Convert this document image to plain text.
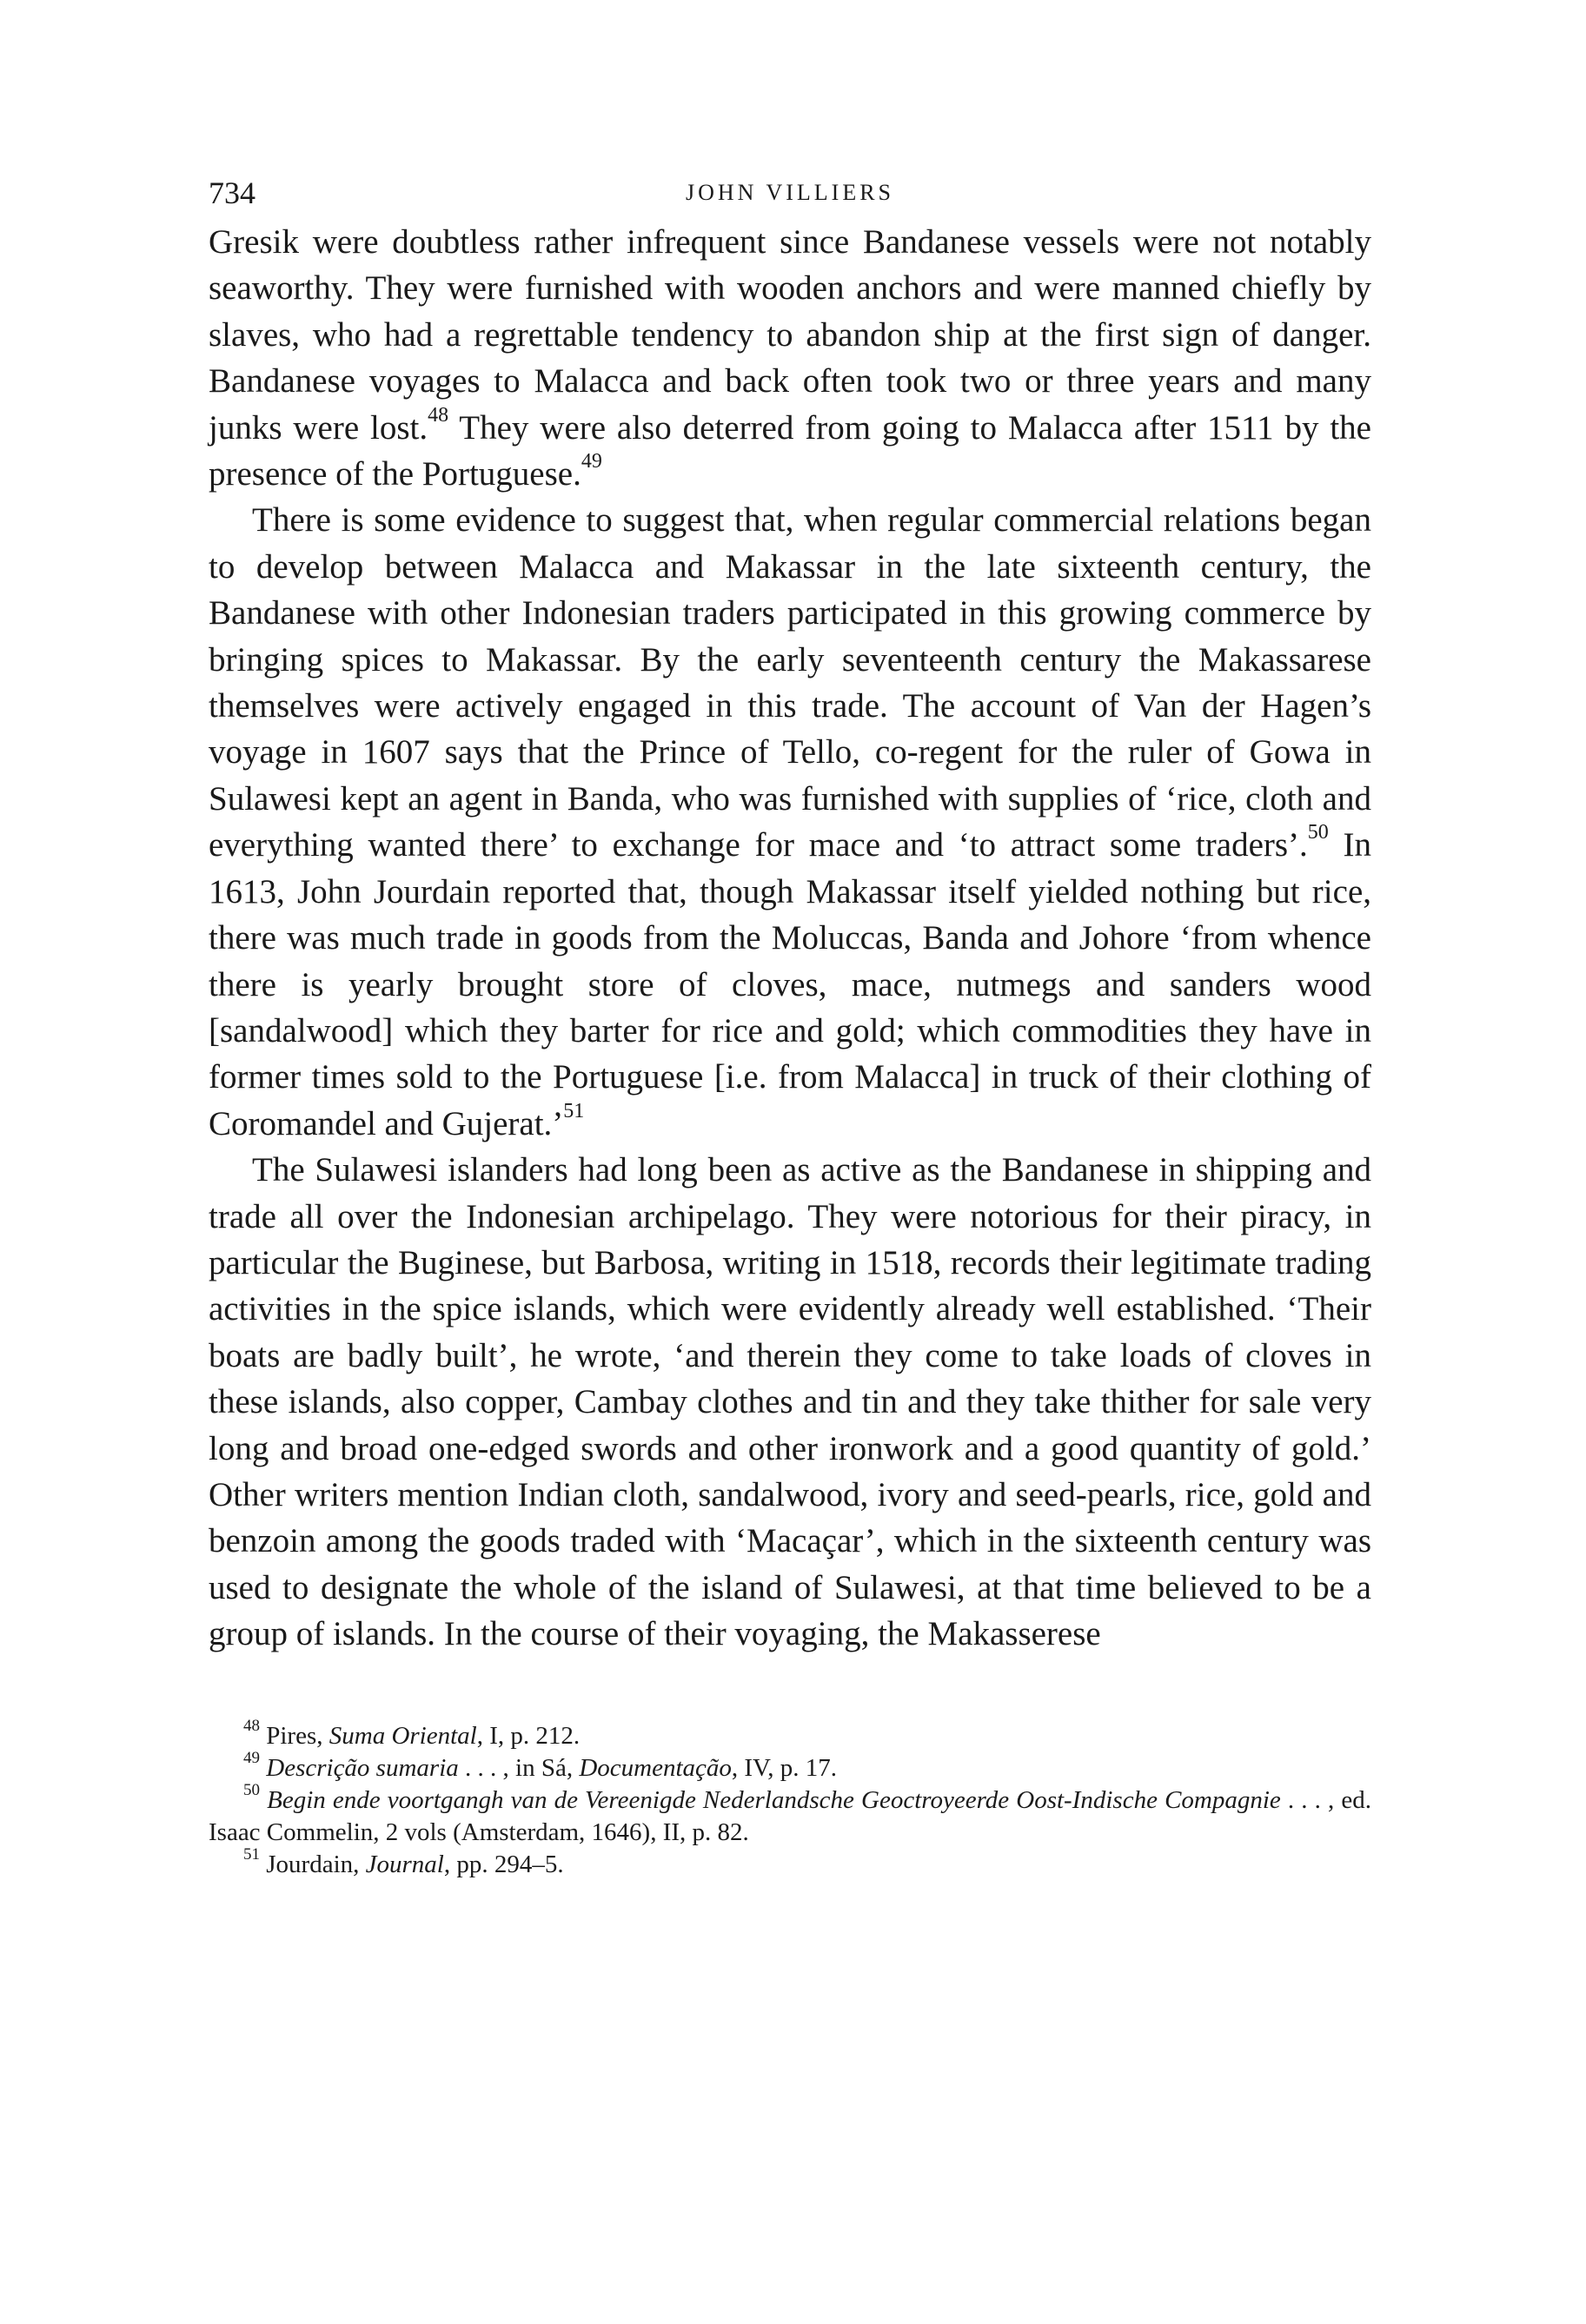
734	JOHN VILLIERS

Gresik were doubtless rather infrequent since Bandanese vessels were not notably seaworthy. They were furnished with wooden anchors and were manned chiefly by slaves, who had a regrettable tendency to abandon ship at the first sign of danger. Bandanese voyages to Malacca and back often took two or three years and many junks were lost.$^{48}$ They were also deterred from going to Malacca after 1511 by the presence of the Portuguese.$^{49}$

There is some evidence to suggest that, when regular commercial relations began to develop between Malacca and Makassar in the late sixteenth century, the Bandanese with other Indonesian traders participated in this growing commerce by bringing spices to Makassar. By the early seventeenth century the Makassarese themselves were actively engaged in this trade. The account of Van der Hagen’s voyage in 1607 says that the Prince of Tello, co-regent for the ruler of Gowa in Sulawesi kept an agent in Banda, who was furnished with supplies of ‘rice, cloth and everything wanted there’ to exchange for mace and ‘to attract some traders’.$^{50}$ In 1613, John Jourdain reported that, though Makassar itself yielded nothing but rice, there was much trade in goods from the Moluccas, Banda and Johore ‘from whence there is yearly brought store of cloves, mace, nutmegs and sanders wood [sandalwood] which they barter for rice and gold; which commodities they have in former times sold to the Portuguese [i.e. from Malacca] in truck of their clothing of Coromandel and Gujerat.’$^{51}$

The Sulawesi islanders had long been as active as the Bandanese in shipping and trade all over the Indonesian archipelago. They were notorious for their piracy, in particular the Buginese, but Barbosa, writing in 1518, records their legitimate trading activities in the spice islands, which were evidently already well established. ‘Their boats are badly built’, he wrote, ‘and therein they come to take loads of cloves in these islands, also copper, Cambay clothes and tin and they take thither for sale very long and broad one-edged swords and other ironwork and a good quantity of gold.’ Other writers mention Indian cloth, sandalwood, ivory and seed-pearls, rice, gold and benzoin among the goods traded with ‘Macaçar’, which in the sixteenth century was used to designate the whole of the island of Sulawesi, at that time believed to be a group of islands. In the course of their voyaging, the Makasserese

$^{48}$ Pires, Suma Oriental, I, p. 212.

$^{49}$ Descrição sumaria . . . , in Sá, Documentação, IV, p. 17.

$^{50}$ Begin ende voortgangh van de Vereenigde Nederlandsche Geoctroyeerde Oost-Indische Compagnie . . . , ed. Isaac Commelin, 2 vols (Amsterdam, 1646), II, p. 82.

$^{51}$ Jourdain, Journal, pp. 294–5.
